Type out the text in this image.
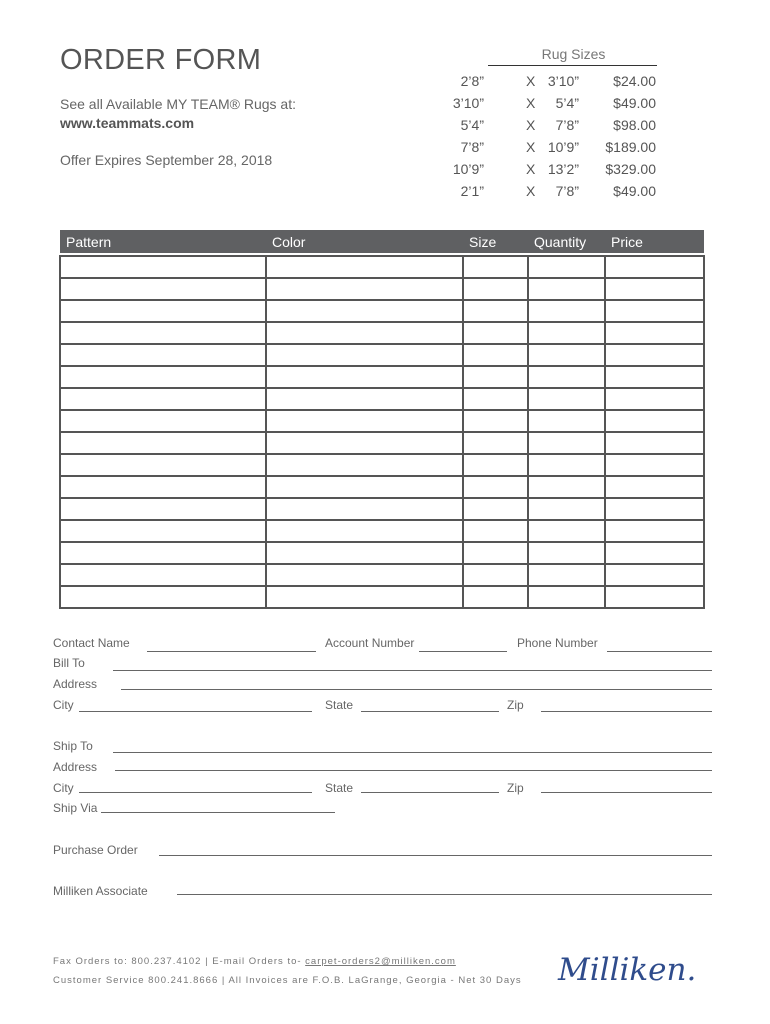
ORDER FORM
See all Available MY TEAM® Rugs at:
www.teammats.com
Offer Expires September 28, 2018
Rug Sizes
2’8”	X 3’10” $24.00
3’10”	X 5’4” $49.00
5’4”	X 7’8” $98.00
7’8”	X 10’9” $189.00
10’9”	X 13’2” $329.00
2’1”	X 7’8” $49.00
Pattern	Color	Size	Quantity	Price

Contact Name	Account Number	Phone Number
Bill To
Address
City	State	Zip
Ship To
Address
City	State	Zip
Ship Via
Purchase Order
Milliken Associate
Fax Orders to: 800.237.4102 | E-mail Orders to- carpet-orders2@milliken.com
Customer Service 800.241.8666 | All Invoices are F.O.B. LaGrange, Georgia - Net 30 Days Milliken.
